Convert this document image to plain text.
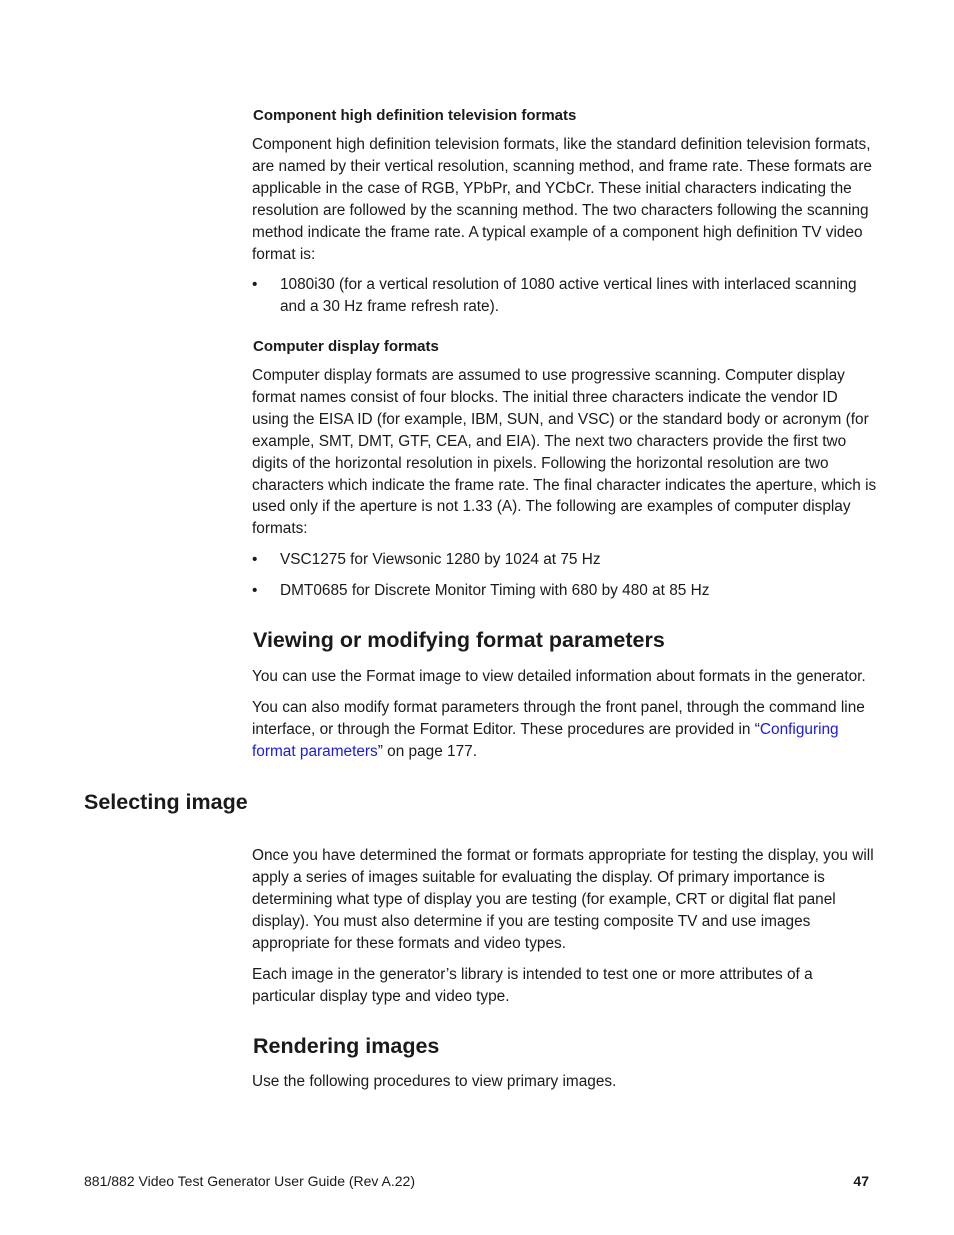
Component high definition television formats

Component high definition television formats, like the standard definition television formats, are named by their vertical resolution, scanning method, and frame rate. These formats are applicable in the case of RGB, YPbPr, and YCbCr. These initial characters indicating the resolution are followed by the scanning method. The two characters following the scanning method indicate the frame rate. A typical example of a component high definition TV video format is:

• 1080i30 (for a vertical resolution of 1080 active vertical lines with interlaced scanning and a 30 Hz frame refresh rate).
Computer display formats

Computer display formats are assumed to use progressive scanning. Computer display format names consist of four blocks. The initial three characters indicate the vendor ID using the EISA ID (for example, IBM, SUN, and VSC) or the standard body or acronym (for example, SMT, DMT, GTF, CEA, and EIA). The next two characters provide the first two digits of the horizontal resolution in pixels. Following the horizontal resolution are two characters which indicate the frame rate. The final character indicates the aperture, which is used only if the aperture is not 1.33 (A). The following are examples of computer display formats:

• VSC1275 for Viewsonic 1280 by 1024 at 75 Hz
• DMT0685 for Discrete Monitor Timing with 680 by 480 at 85 Hz
Viewing or modifying format parameters

You can use the Format image to view detailed information about formats in the generator.

You can also modify format parameters through the front panel, through the command line interface, or through the Format Editor. These procedures are provided in “Configuring format parameters” on page 177.

Selecting image

Once you have determined the format or formats appropriate for testing the display, you will apply a series of images suitable for evaluating the display. Of primary importance is determining what type of display you are testing (for example, CRT or digital flat panel display). You must also determine if you are testing composite TV and use images appropriate for these formats and video types.

Each image in the generator’s library is intended to test one or more attributes of a particular display type and video type.

Rendering images

Use the following procedures to view primary images.

881/882 Video Test Generator User Guide (Rev A.22)	47
